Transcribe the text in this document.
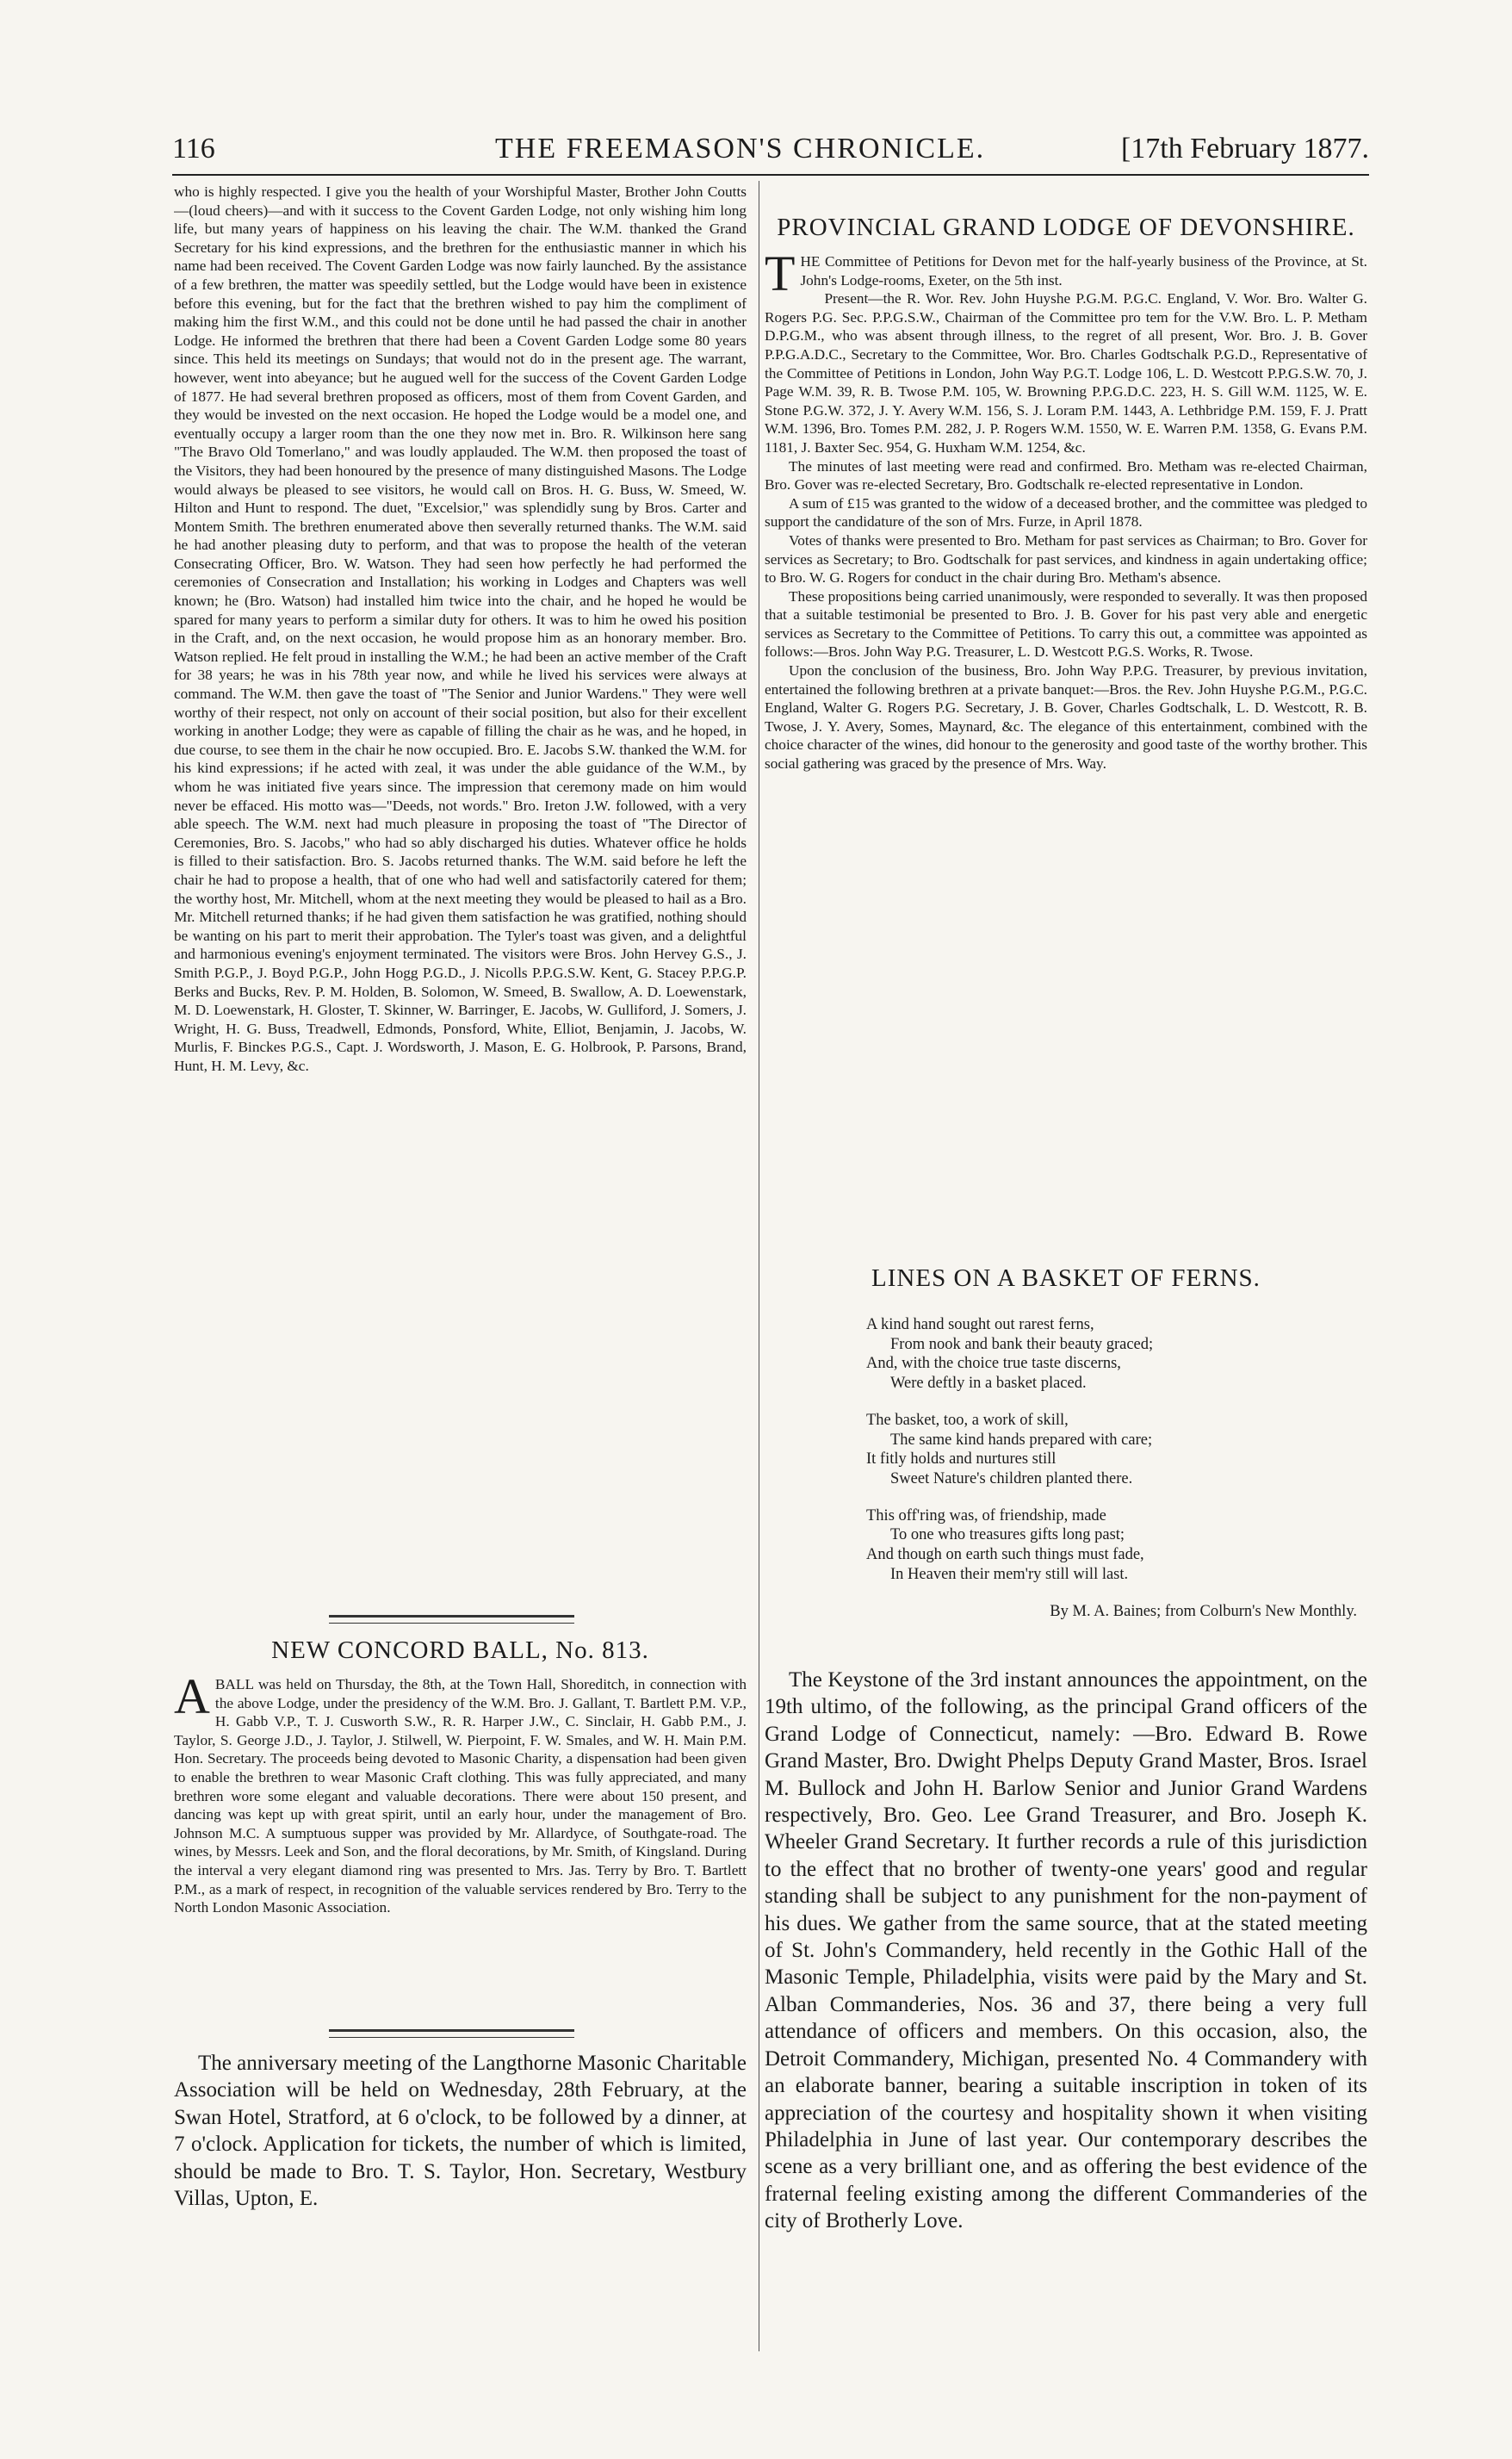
116	THE FREEMASON'S CHRONICLE.	[17th February 1877.

who is highly respected. I give you the health of your Worshipful Master, Brother John Coutts—(loud cheers)—and with it success to the Covent Garden Lodge, not only wishing him long life, but many years of happiness on his leaving the chair. The W.M. thanked the Grand Secretary for his kind expressions, and the brethren for the enthusiastic manner in which his name had been received. The Covent Garden Lodge was now fairly launched. By the assistance of a few brethren, the matter was speedily settled, but the Lodge would have been in existence before this evening, but for the fact that the brethren wished to pay him the compliment of making him the first W.M., and this could not be done until he had passed the chair in another Lodge. He informed the brethren that there had been a Covent Garden Lodge some 80 years since. This held its meetings on Sundays; that would not do in the present age. The warrant, however, went into abeyance; but he augued well for the success of the Covent Garden Lodge of 1877. He had several brethren proposed as officers, most of them from Covent Garden, and they would be invested on the next occasion. He hoped the Lodge would be a model one, and eventually occupy a larger room than the one they now met in. Bro. R. Wilkinson here sang "The Bravo Old Tomerlano," and was loudly applauded. The W.M. then proposed the toast of the Visitors, they had been honoured by the presence of many distinguished Masons. The Lodge would always be pleased to see visitors, he would call on Bros. H. G. Buss, W. Smeed, W. Hilton and Hunt to respond. The duet, "Excelsior," was splendidly sung by Bros. Carter and Montem Smith. The brethren enumerated above then severally returned thanks. The W.M. said he had another pleasing duty to perform, and that was to propose the health of the veteran Consecrating Officer, Bro. W. Watson. They had seen how perfectly he had performed the ceremonies of Consecration and Installation; his working in Lodges and Chapters was well known; he (Bro. Watson) had installed him twice into the chair, and he hoped he would be spared for many years to perform a similar duty for others. It was to him he owed his position in the Craft, and, on the next occasion, he would propose him as an honorary member. Bro. Watson replied. He felt proud in installing the W.M.; he had been an active member of the Craft for 38 years; he was in his 78th year now, and while he lived his services were always at command. The W.M. then gave the toast of "The Senior and Junior Wardens." They were well worthy of their respect, not only on account of their social position, but also for their excellent working in another Lodge; they were as capable of filling the chair as he was, and he hoped, in due course, to see them in the chair he now occupied. Bro. E. Jacobs S.W. thanked the W.M. for his kind expressions; if he acted with zeal, it was under the able guidance of the W.M., by whom he was initiated five years since. The impression that ceremony made on him would never be effaced. His motto was—"Deeds, not words." Bro. Ireton J.W. followed, with a very able speech. The W.M. next had much pleasure in proposing the toast of "The Director of Ceremonies, Bro. S. Jacobs," who had so ably discharged his duties. Whatever office he holds is filled to their satisfaction. Bro. S. Jacobs returned thanks. The W.M. said before he left the chair he had to propose a health, that of one who had well and satisfactorily catered for them; the worthy host, Mr. Mitchell, whom at the next meeting they would be pleased to hail as a Bro. Mr. Mitchell returned thanks; if he had given them satisfaction he was gratified, nothing should be wanting on his part to merit their approbation. The Tyler's toast was given, and a delightful and harmonious evening's enjoyment terminated. The visitors were Bros. John Hervey G.S., J. Smith P.G.P., J. Boyd P.G.P., John Hogg P.G.D., J. Nicolls P.P.G.S.W. Kent, G. Stacey P.P.G.P. Berks and Bucks, Rev. P. M. Holden, B. Solomon, W. Smeed, B. Swallow, A. D. Loewenstark, M. D. Loewenstark, H. Gloster, T. Skinner, W. Barringer, E. Jacobs, W. Gulliford, J. Somers, J. Wright, H. G. Buss, Treadwell, Edmonds, Ponsford, White, Elliot, Benjamin, J. Jacobs, W. Murlis, F. Binckes P.G.S., Capt. J. Wordsworth, J. Mason, E. G. Holbrook, P. Parsons, Brand, Hunt, H. M. Levy, &c.

NEW CONCORD BALL, No. 813.

A BALL was held on Thursday, the 8th, at the Town Hall, Shoreditch, in connection with the above Lodge, under the presidency of the W.M. Bro. J. Gallant, T. Bartlett P.M. V.P., H. Gabb V.P., T. J. Cusworth S.W., R. R. Harper J.W., C. Sinclair, H. Gabb P.M., J. Taylor, S. George J.D., J. Taylor, J. Stilwell, W. Pierpoint, F. W. Smales, and W. H. Main P.M. Hon. Secretary. The proceeds being devoted to Masonic Charity, a dispensation had been given to enable the brethren to wear Masonic Craft clothing. This was fully appreciated, and many brethren wore some elegant and valuable decorations. There were about 150 present, and dancing was kept up with great spirit, until an early hour, under the management of Bro. Johnson M.C. A sumptuous supper was provided by Mr. Allardyce, of Southgate-road. The wines, by Messrs. Leek and Son, and the floral decorations, by Mr. Smith, of Kingsland. During the interval a very elegant diamond ring was presented to Mrs. Jas. Terry by Bro. T. Bartlett P.M., as a mark of respect, in recognition of the valuable services rendered by Bro. Terry to the North London Masonic Association.

The anniversary meeting of the Langthorne Masonic Charitable Association will be held on Wednesday, 28th February, at the Swan Hotel, Stratford, at 6 o'clock, to be followed by a dinner, at 7 o'clock. Application for tickets, the number of which is limited, should be made to Bro. T. S. Taylor, Hon. Secretary, Westbury Villas, Upton, E.

PROVINCIAL GRAND LODGE OF DEVONSHIRE.

T HE Committee of Petitions for Devon met for the half-yearly business of the Province, at St. John's Lodge-rooms, Exeter, on the 5th inst.

Present—the R. Wor. Rev. John Huyshe P.G.M. P.G.C. England, V. Wor. Bro. Walter G. Rogers P.G. Sec. P.P.G.S.W., Chairman of the Committee pro tem for the V.W. Bro. L. P. Metham D.P.G.M., who was absent through illness, to the regret of all present, Wor. Bro. J. B. Gover P.P.G.A.D.C., Secretary to the Committee, Wor. Bro. Charles Godtschalk P.G.D., Representative of the Committee of Petitions in London, John Way P.G.T. Lodge 106, L. D. Westcott P.P.G.S.W. 70, J. Page W.M. 39, R. B. Twose P.M. 105, W. Browning P.P.G.D.C. 223, H. S. Gill W.M. 1125, W. E. Stone P.G.W. 372, J. Y. Avery W.M. 156, S. J. Loram P.M. 1443, A. Lethbridge P.M. 159, F. J. Pratt W.M. 1396, Bro. Tomes P.M. 282, J. P. Rogers W.M. 1550, W. E. Warren P.M. 1358, G. Evans P.M. 1181, J. Baxter Sec. 954, G. Huxham W.M. 1254, &c.

The minutes of last meeting were read and confirmed. Bro. Metham was re-elected Chairman, Bro. Gover was re-elected Secretary, Bro. Godtschalk re-elected representative in London.

A sum of £15 was granted to the widow of a deceased brother, and the committee was pledged to support the candidature of the son of Mrs. Furze, in April 1878.

Votes of thanks were presented to Bro. Metham for past services as Chairman; to Bro. Gover for services as Secretary; to Bro. Godtschalk for past services, and kindness in again undertaking office; to Bro. W. G. Rogers for conduct in the chair during Bro. Metham's absence.

These propositions being carried unanimously, were responded to severally. It was then proposed that a suitable testimonial be presented to Bro. J. B. Gover for his past very able and energetic services as Secretary to the Committee of Petitions. To carry this out, a committee was appointed as follows:—Bros. John Way P.G. Treasurer, L. D. Westcott P.G.S. Works, R. Twose.

Upon the conclusion of the business, Bro. John Way P.P.G. Treasurer, by previous invitation, entertained the following brethren at a private banquet:—Bros. the Rev. John Huyshe P.G.M., P.G.C. England, Walter G. Rogers P.G. Secretary, J. B. Gover, Charles Godtschalk, L. D. Westcott, R. B. Twose, J. Y. Avery, Somes, Maynard, &c. The elegance of this entertainment, combined with the choice character of the wines, did honour to the generosity and good taste of the worthy brother. This social gathering was graced by the presence of Mrs. Way.

LINES ON A BASKET OF FERNS.
A kind hand sought out rarest ferns,
From nook and bank their beauty graced;
And, with the choice true taste discerns,
Were deftly in a basket placed.
The basket, too, a work of skill,
The same kind hands prepared with care;
It fitly holds and nurtures still
Sweet Nature's children planted there.
This off'ring was, of friendship, made
To one who treasures gifts long past;
And though on earth such things must fade,
In Heaven their mem'ry still will last.
By M. A. Baines; from Colburn's New Monthly.

The Keystone of the 3rd instant announces the appointment, on the 19th ultimo, of the following, as the principal Grand officers of the Grand Lodge of Connecticut, namely: —Bro. Edward B. Rowe Grand Master, Bro. Dwight Phelps Deputy Grand Master, Bros. Israel M. Bullock and John H. Barlow Senior and Junior Grand Wardens respectively, Bro. Geo. Lee Grand Treasurer, and Bro. Joseph K. Wheeler Grand Secretary. It further records a rule of this jurisdiction to the effect that no brother of twenty-one years' good and regular standing shall be subject to any punishment for the non-payment of his dues. We gather from the same source, that at the stated meeting of St. John's Commandery, held recently in the Gothic Hall of the Masonic Temple, Philadelphia, visits were paid by the Mary and St. Alban Commanderies, Nos. 36 and 37, there being a very full attendance of officers and members. On this occasion, also, the Detroit Commandery, Michigan, presented No. 4 Commandery with an elaborate banner, bearing a suitable inscription in token of its appreciation of the courtesy and hospitality shown it when visiting Philadelphia in June of last year. Our contemporary describes the scene as a very brilliant one, and as offering the best evidence of the fraternal feeling existing among the different Commanderies of the city of Brotherly Love.
